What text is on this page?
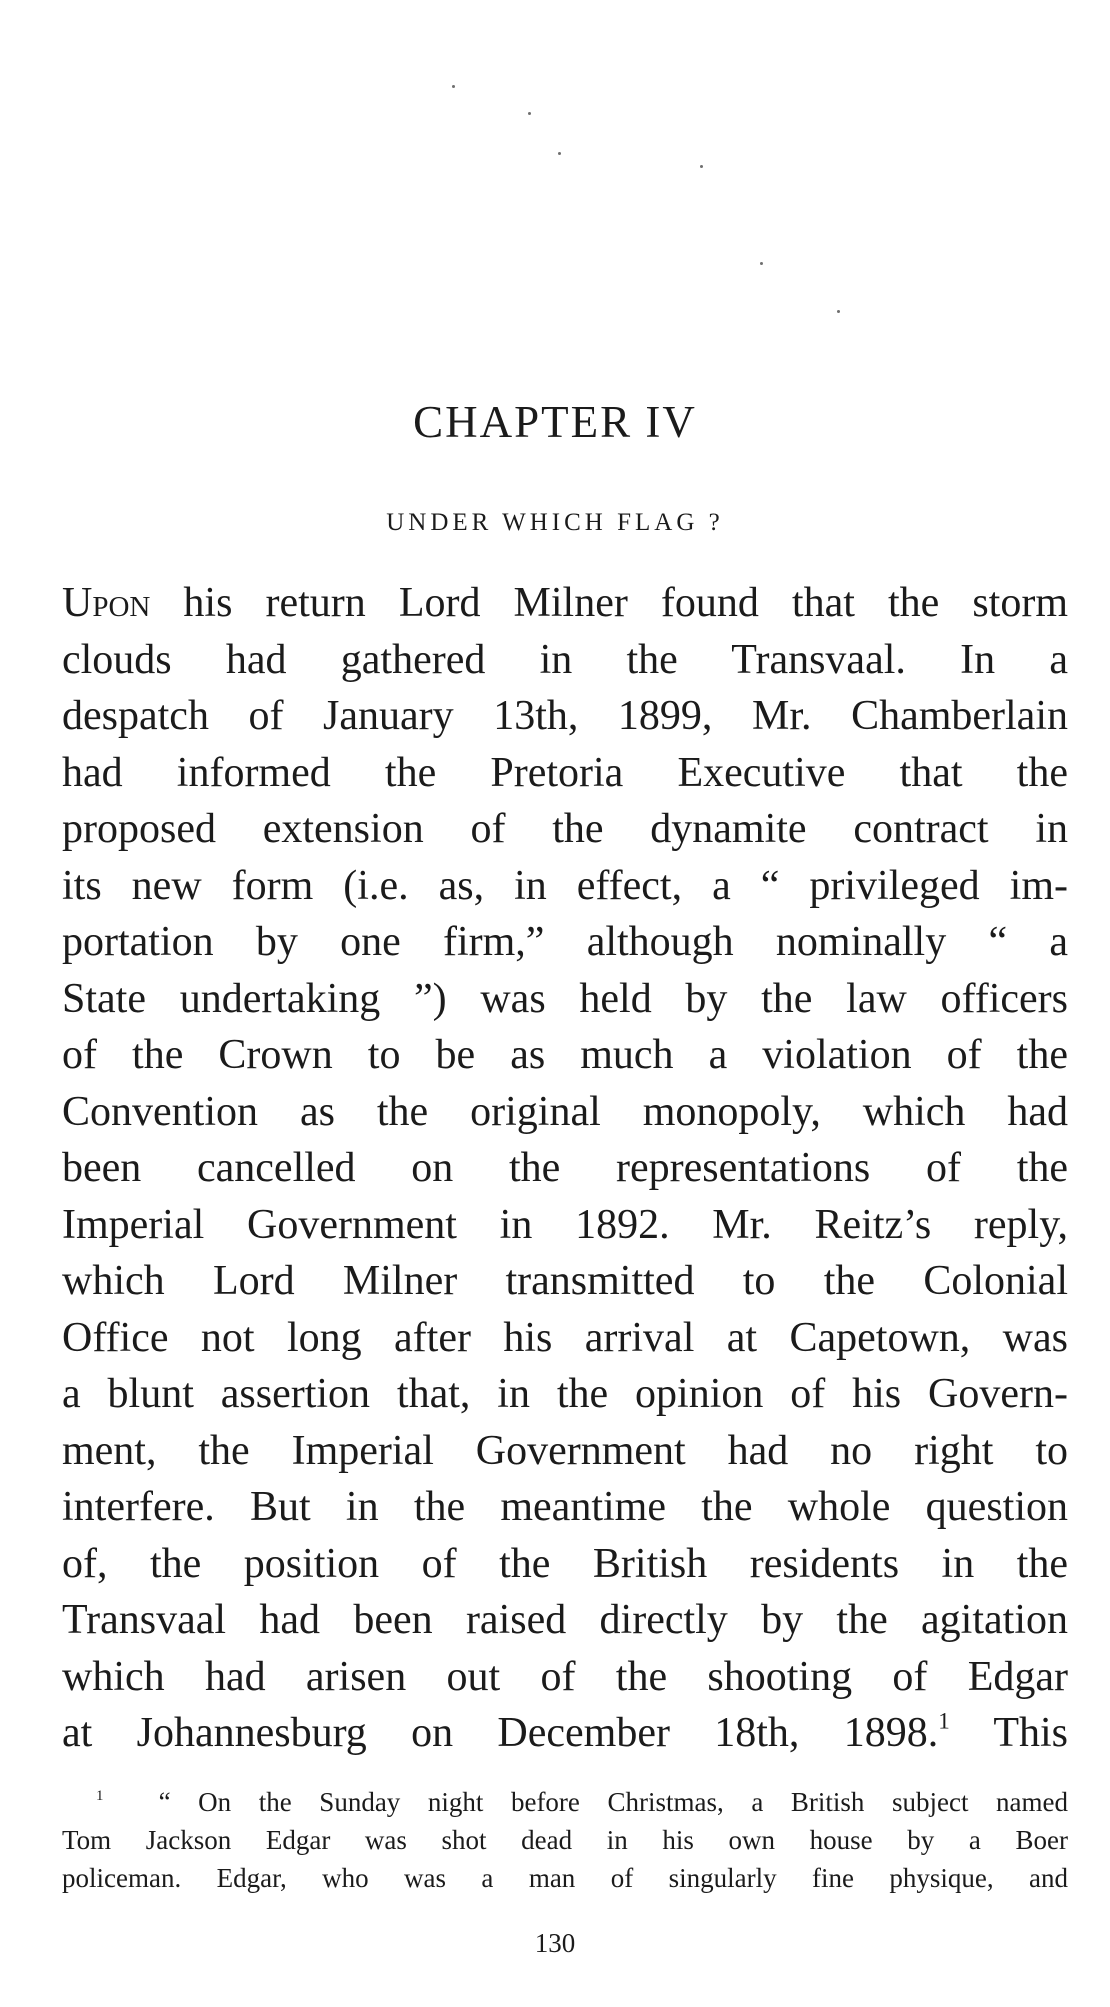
CHAPTER IV
UNDER WHICH FLAG ?
Upon his return Lord Milner found that the storm
clouds had gathered in the Transvaal. In a
despatch of January 13th, 1899, Mr. Chamberlain
had informed the Pretoria Executive that the
proposed extension of the dynamite contract in
its new form (i.e. as, in effect, a “ privileged im-
portation by one firm,” although nominally “ a
State undertaking ”) was held by the law officers
of the Crown to be as much a violation of the
Convention as the original monopoly, which had
been cancelled on the representations of the
Imperial Government in 1892. Mr. Reitz’s reply,
which Lord Milner transmitted to the Colonial
Office not long after his arrival at Capetown, was
a blunt assertion that, in the opinion of his Govern-
ment, the Imperial Government had no right to
interfere. But in the meantime the whole question
of, the position of the British residents in the
Transvaal had been raised directly by the agitation
which had arisen out of the shooting of Edgar
at Johannesburg on December 18th, 1898.$^1$ This
$^1$ “ On the Sunday night before Christmas, a British subject named
Tom Jackson Edgar was shot dead in his own house by a Boer
policeman. Edgar, who was a man of singularly fine physique, and
130
